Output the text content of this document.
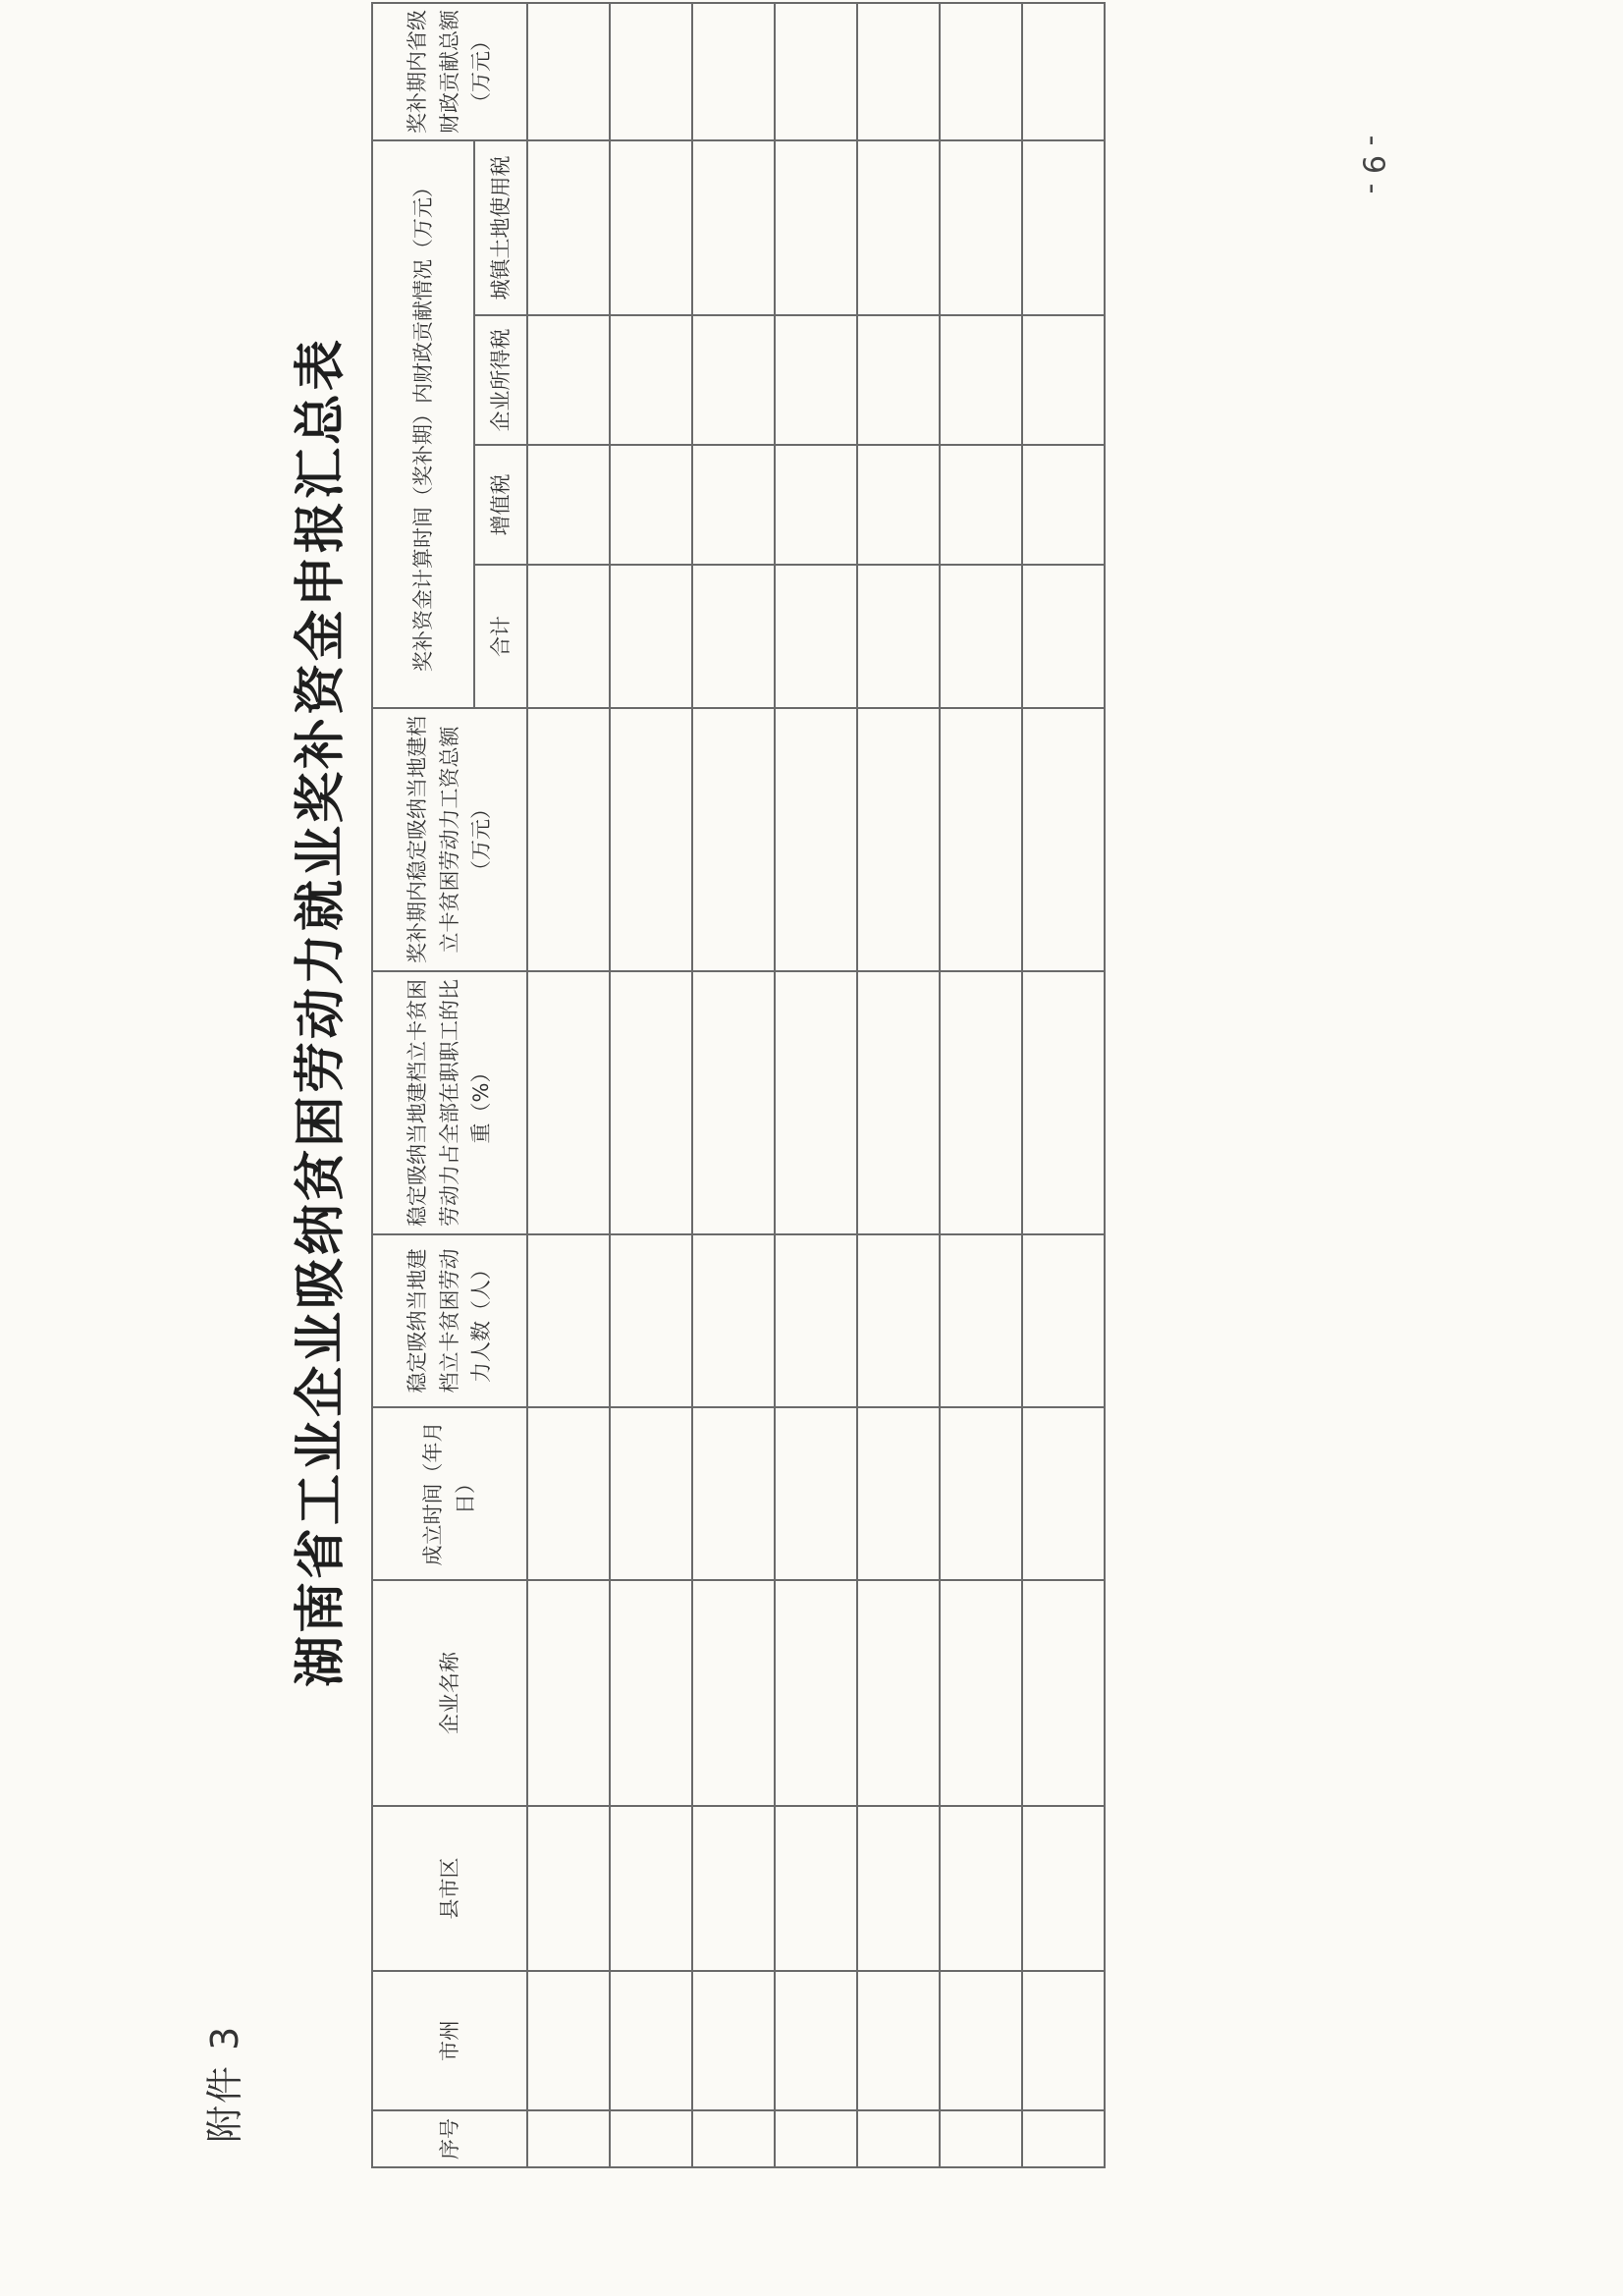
- 9 -
附件 3
湖南省工业企业吸纳贫困劳动力就业奖补资金申报汇总表
序号	市州	县市区	企业名称	成立时间（年月日）	稳定吸纳当地建档立卡贫困劳动力人数（人）	稳定吸纳当地建档立卡贫困劳动力占全部在职职工的比重（%）	奖补期内稳定吸纳当地建档立卡贫困劳动力工资总额（万元）	奖补资金计算时间（奖补期）内财政贡献情况（万元）				奖补期内省级财政贡献总额（万元）
								合计	增值税	企业所得税	城镇土地使用税	
